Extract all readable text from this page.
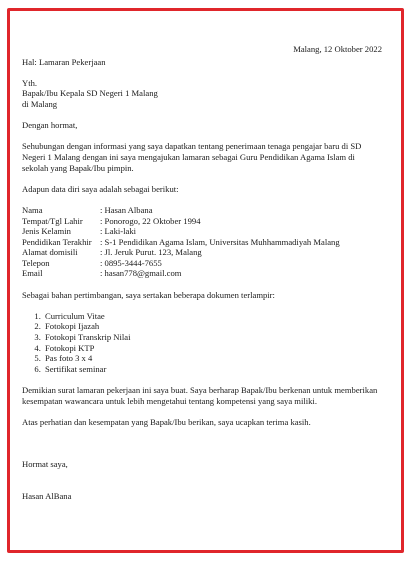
Malang, 12 Oktober 2022

Hal: Lamaran Pekerjaan

Yth.

Bapak/Ibu Kepala SD Negeri 1 Malang

di Malang

Dengan hormat,

Sehubungan dengan informasi yang saya dapatkan tentang penerimaan tenaga pengajar baru di SD Negeri 1 Malang dengan ini saya mengajukan lamaran sebagai Guru Pendidikan Agama Islam di sekolah yang Bapak/Ibu pimpin.

Adapun data diri saya adalah sebagai berikut:

Nama	: Hasan Albana
Tempat/Tgl Lahir	: Ponorogo, 22 Oktober 1994
Jenis Kelamin	: Laki-laki
Pendidikan Terakhir	: S-1 Pendidikan Agama Islam, Universitas Muhhammadiyah Malang
Alamat domisili	: Jl. Jeruk Purut. 123, Malang
Telepon	: 0895-3444-7655
Email	: hasan778@gmail.com

Sebagai bahan pertimbangan, saya sertakan beberapa dokumen terlampir:

1. Curriculum Vitae
2. Fotokopi Ijazah
3. Fotokopi Transkrip Nilai
4. Fotokopi KTP
5. Pas foto 3 x 4
6. Sertifikat seminar

Demikian surat lamaran pekerjaan ini saya buat. Saya berharap Bapak/Ibu berkenan untuk memberikan kesempatan wawancara untuk lebih mengetahui tentang kompetensi yang saya miliki.

Atas perhatian dan kesempatan yang Bapak/Ibu berikan, saya ucapkan terima kasih.

Hormat saya,

Hasan AlBana
